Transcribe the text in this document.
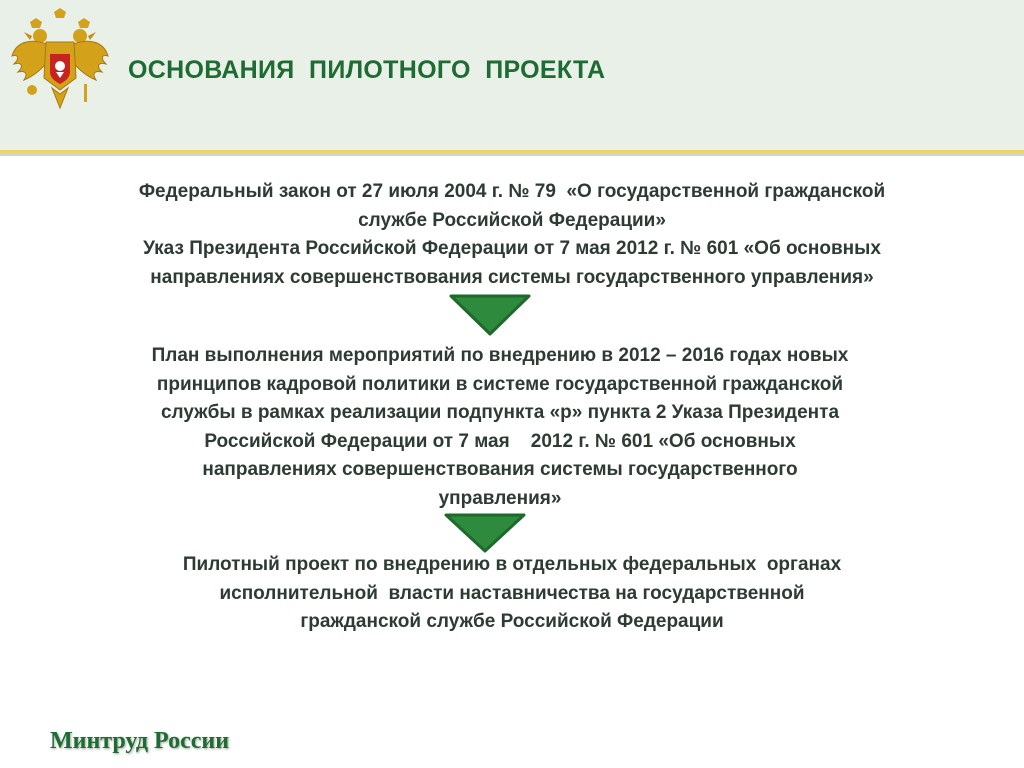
ОСНОВАНИЯ  ПИЛОТНОГО  ПРОЕКТА
Федеральный закон от 27 июля 2004 г. № 79  «О государственной гражданской
службе Российской Федерации»
Указ Президента Российской Федерации от 7 мая 2012 г. № 601 «Об основных
направлениях совершенствования системы государственного управления»
План выполнения мероприятий по внедрению в 2012 – 2016 годах новых
принципов кадровой политики в системе государственной гражданской
службы в рамках реализации подпункта «р» пункта 2 Указа Президента
Российской Федерации от 7 мая    2012 г. № 601 «Об основных
направлениях совершенствования системы государственного
управления»
Пилотный проект по внедрению в отдельных федеральных  органах
исполнительной  власти наставничества на государственной
гражданской службе Российской Федерации
Минтруд России
